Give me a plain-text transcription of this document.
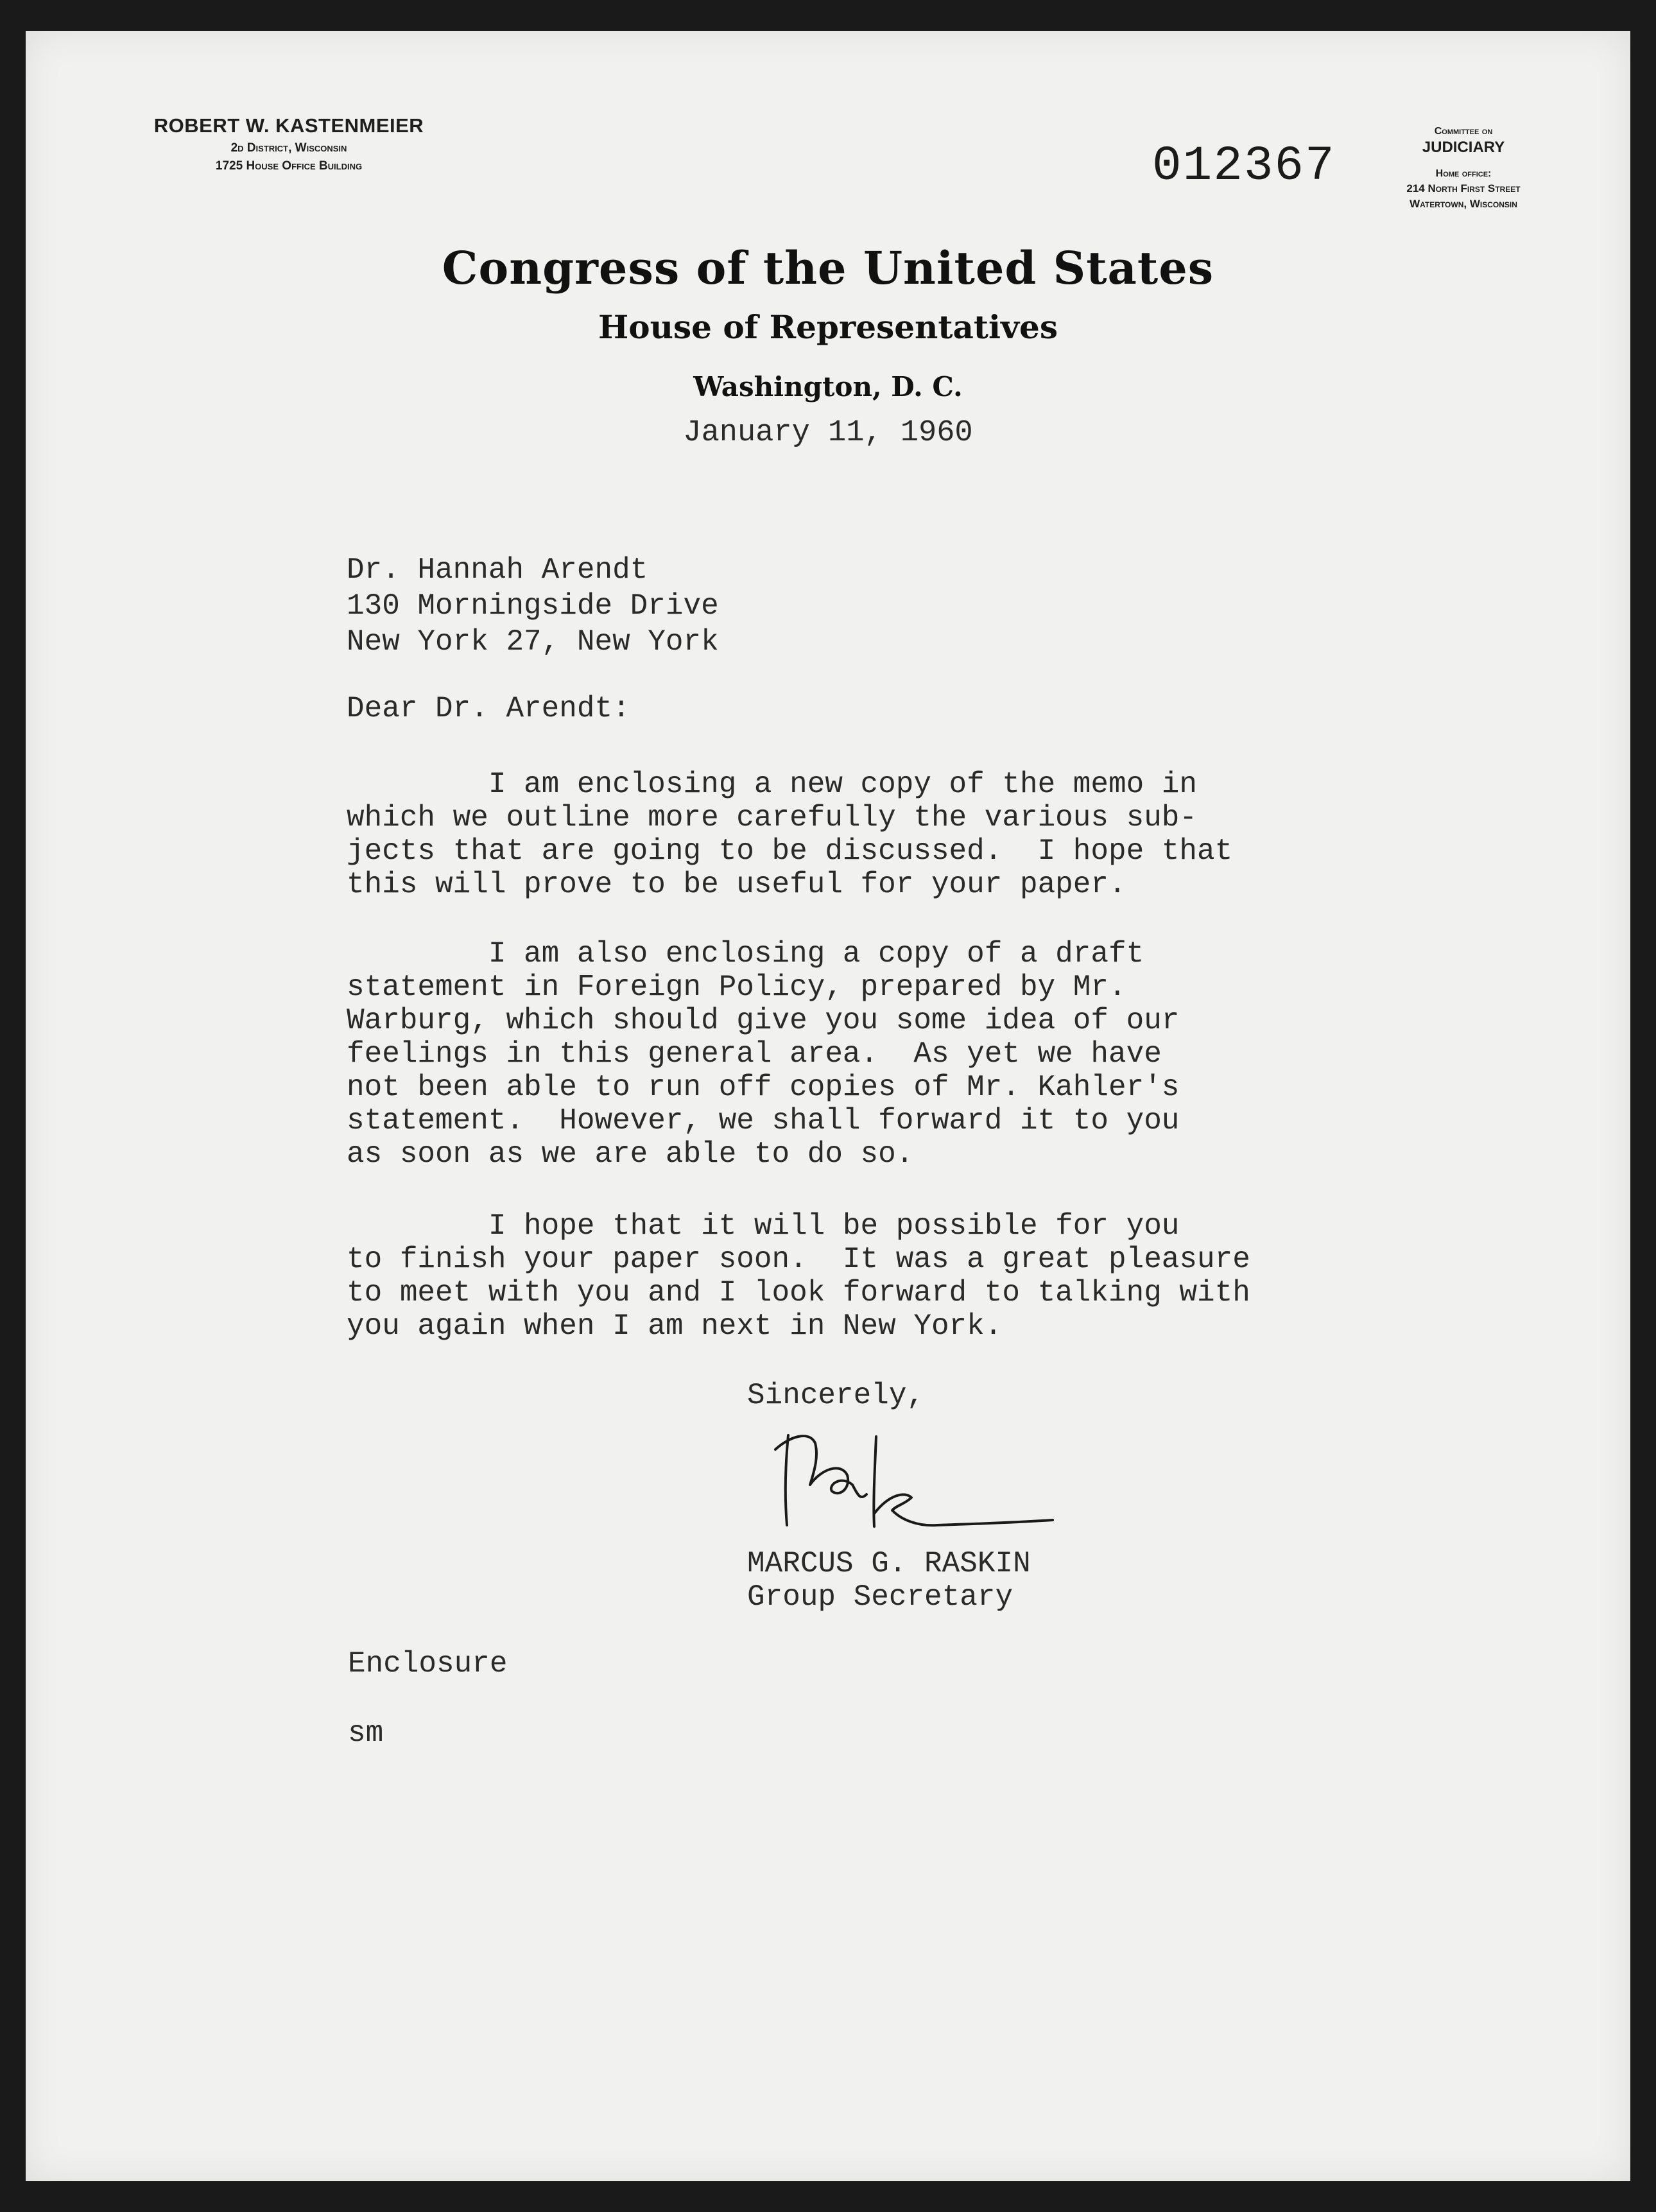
ROBERT W. KASTENMEIER
2d District, Wisconsin
1725 House Office Building	012367
Committee on
JUDICIARY
Home office:
214 North First Street
Watertown, Wisconsin
Congress of the United States
House of Representatives
Washington, D. C.
January 11, 1960
Dr. Hannah Arendt
130 Morningside Drive
New York 27, New York
Dear Dr. Arendt:
I am enclosing a new copy of the memo in
which we outline more carefully the various sub-
jects that are going to be discussed.  I hope that
this will prove to be useful for your paper.
I am also enclosing a copy of a draft
statement in Foreign Policy, prepared by Mr.
Warburg, which should give you some idea of our
feelings in this general area.  As yet we have
not been able to run off copies of Mr. Kahler's
statement.  However, we shall forward it to you
as soon as we are able to do so.
I hope that it will be possible for you
to finish your paper soon.  It was a great pleasure
to meet with you and I look forward to talking with
you again when I am next in New York.
Sincerely,
MARCUS G. RASKIN
Group Secretary
Enclosure
sm
